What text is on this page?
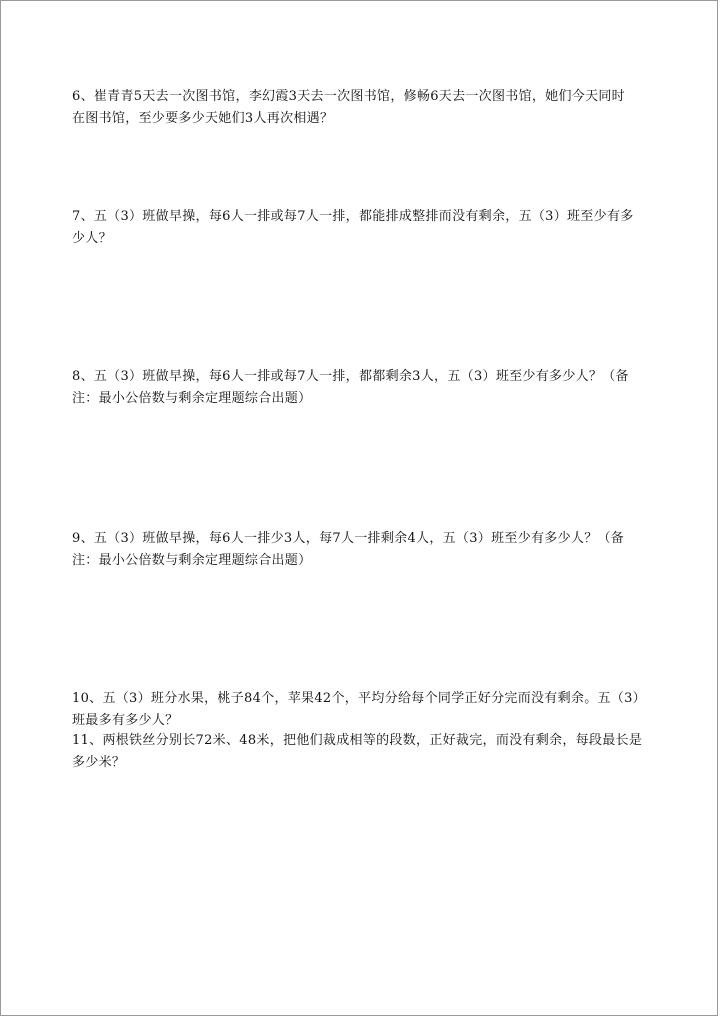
6、崔青青5天去一次图书馆，李幻霞3天去一次图书馆，修畅6天去一次图书馆，她们今天同时
在图书馆，至少要多少天她们3人再次相遇？
7、五（3）班做早操，每6人一排或每7人一排，都能排成整排而没有剩余，五（3）班至少有多
少人？
8、五（3）班做早操，每6人一排或每7人一排，都都剩余3人，五（3）班至少有多少人？（备
注：最小公倍数与剩余定理题综合出题）
9、五（3）班做早操，每6人一排少3人，每7人一排剩余4人，五（3）班至少有多少人？（备
注：最小公倍数与剩余定理题综合出题）
10、五（3）班分水果，桃子84个，苹果42个，平均分给每个同学正好分完而没有剩余。五（3）
班最多有多少人？
11、两根铁丝分别长72米、48米，把他们裁成相等的段数，正好裁完，而没有剩余，每段最长是
多少米？
